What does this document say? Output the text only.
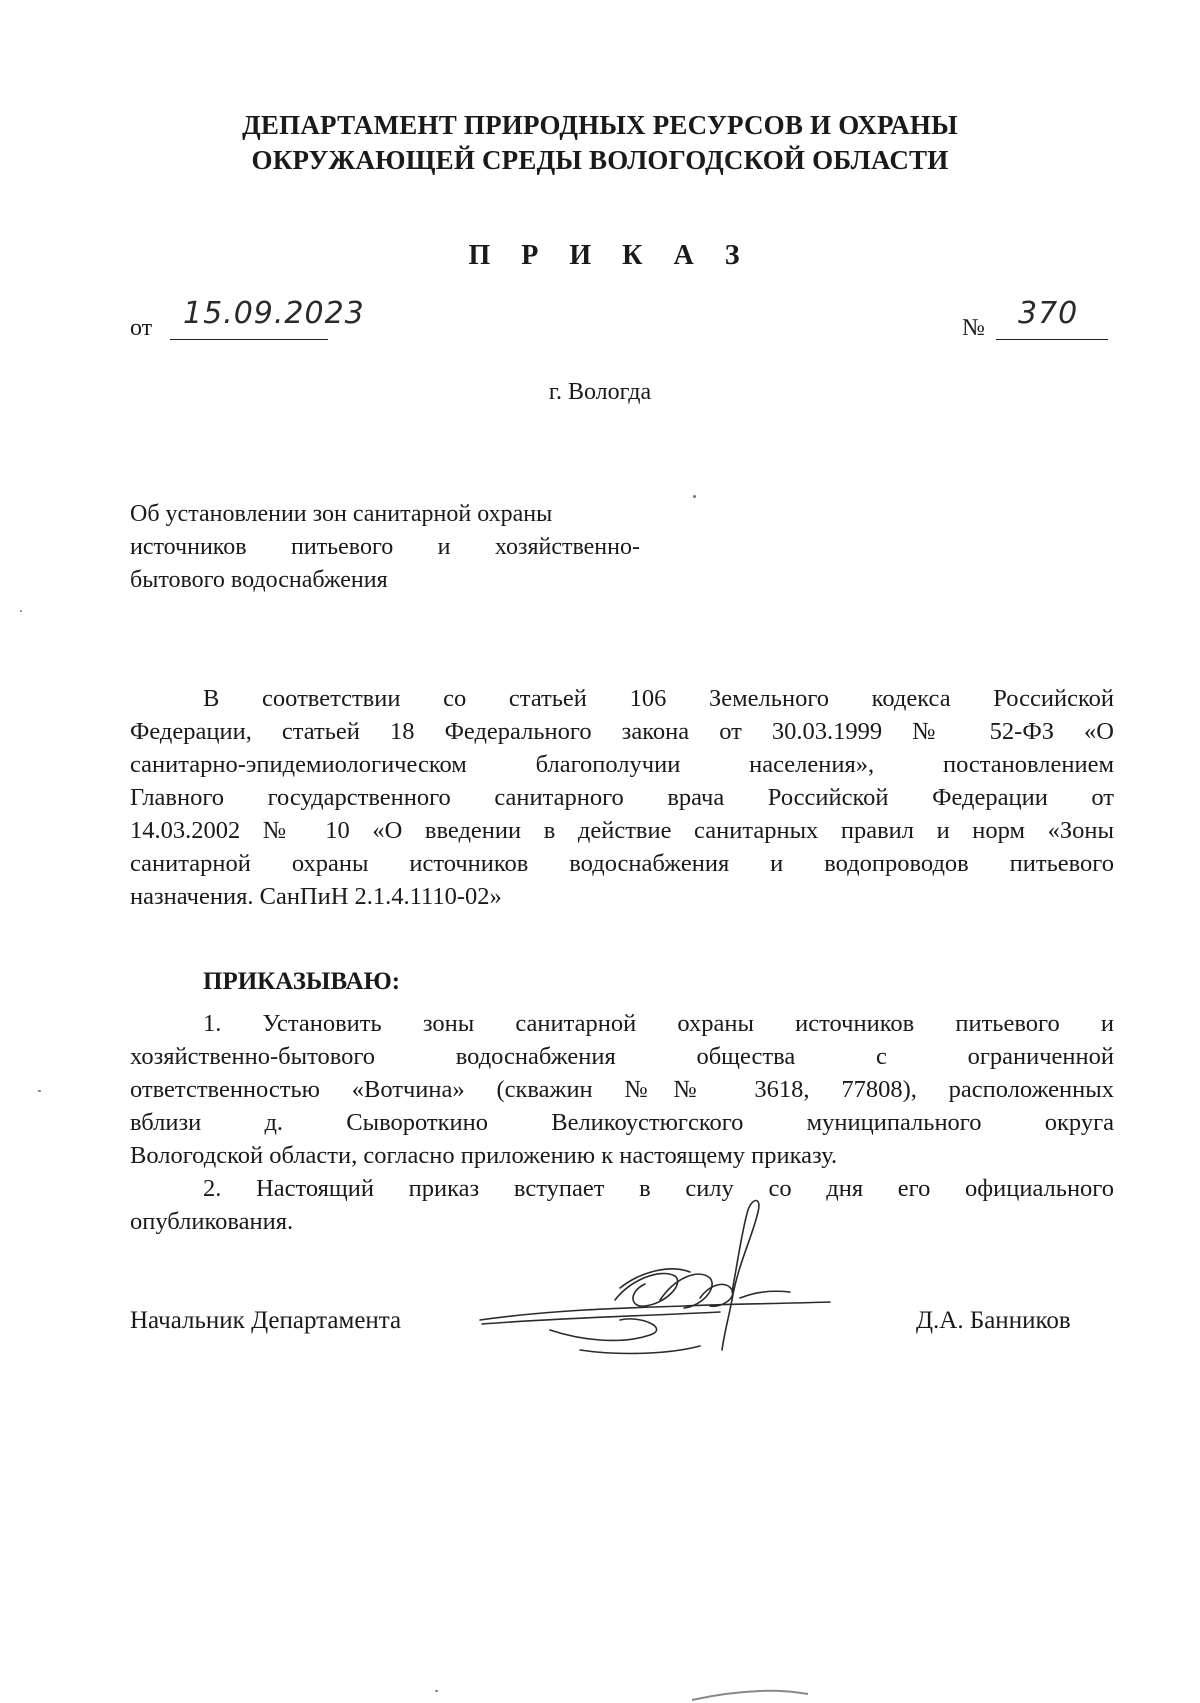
ДЕПАРТАМЕНТ ПРИРОДНЫХ РЕСУРСОВ И ОХРАНЫ
ОКРУЖАЮЩЕЙ СРЕДЫ ВОЛОГОДСКОЙ ОБЛАСТИ
П Р И К А З
от 15.09.2023	№ 370
г. Вологда
Об установлении зон санитарной охраны
источников питьевого и хозяйственно-
бытового водоснабжения
В соответствии со статьей 106 Земельного кодекса Российской
Федерации, статьей 18 Федерального закона от 30.03.1999 № 52-ФЗ «О
санитарно-эпидемиологическом благополучии населения», постановлением
Главного государственного санитарного врача Российской Федерации от
14.03.2002 № 10 «О введении в действие санитарных правил и норм «Зоны
санитарной охраны источников водоснабжения и водопроводов питьевого
назначения. СанПиН 2.1.4.1110-02»
ПРИКАЗЫВАЮ:
1. Установить зоны санитарной охраны источников питьевого и
хозяйственно-бытового водоснабжения общества с ограниченной
ответственностью «Вотчина» (скважин №№ 3618, 77808), расположенных
вблизи д. Сывороткино Великоустюгского муниципального округа
Вологодской области, согласно приложению к настоящему приказу.
2. Настоящий приказ вступает в силу со дня его официального
опубликования.
Начальник Департамента	Д.А. Банников
